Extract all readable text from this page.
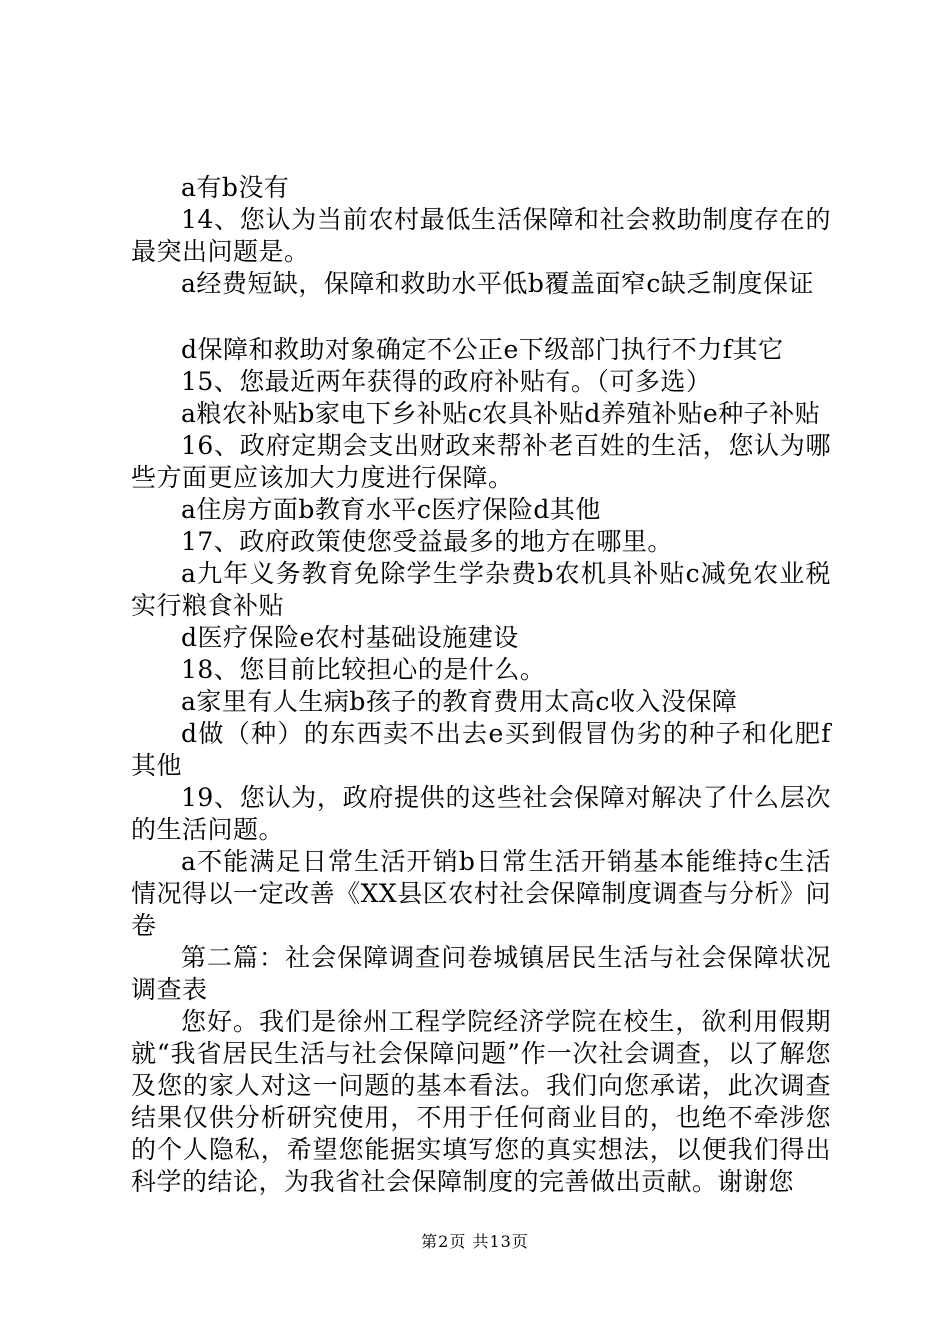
a有b没有

14、您认为当前农村最低生活保障和社会救助制度存在的最突出问题是。

a经费短缺，保障和救助水平低b覆盖面窄c缺乏制度保证

d保障和救助对象确定不公正e下级部门执行不力f其它

15、您最近两年获得的政府补贴有。（可多选）

a粮农补贴b家电下乡补贴c农具补贴d养殖补贴e种子补贴

16、政府定期会支出财政来帮补老百姓的生活，您认为哪些方面更应该加大力度进行保障。

a住房方面b教育水平c医疗保险d其他

17、政府政策使您受益最多的地方在哪里。

a九年义务教育免除学生学杂费b农机具补贴c减免农业税实行粮食补贴

d医疗保险e农村基础设施建设

18、您目前比较担心的是什么。

a家里有人生病b孩子的教育费用太高c收入没保障

d做（种）的东西卖不出去e买到假冒伪劣的种子和化肥f其他

19、您认为，政府提供的这些社会保障对解决了什么层次的生活问题。

a不能满足日常生活开销b日常生活开销基本能维持c生活情况得以一定改善《XX县区农村社会保障制度调查与分析》问卷

第二篇：社会保障调查问卷城镇居民生活与社会保障状况调查表

您好。我们是徐州工程学院经济学院在校生，欲利用假期就“我省居民生活与社会保障问题”作一次社会调查，以了解您及您的家人对这一问题的基本看法。我们向您承诺，此次调查结果仅供分析研究使用，不用于任何商业目的，也绝不牵涉您的个人隐私，希望您能据实填写您的真实想法，以便我们得出科学的结论，为我省社会保障制度的完善做出贡献。谢谢您

第2页 共13页
